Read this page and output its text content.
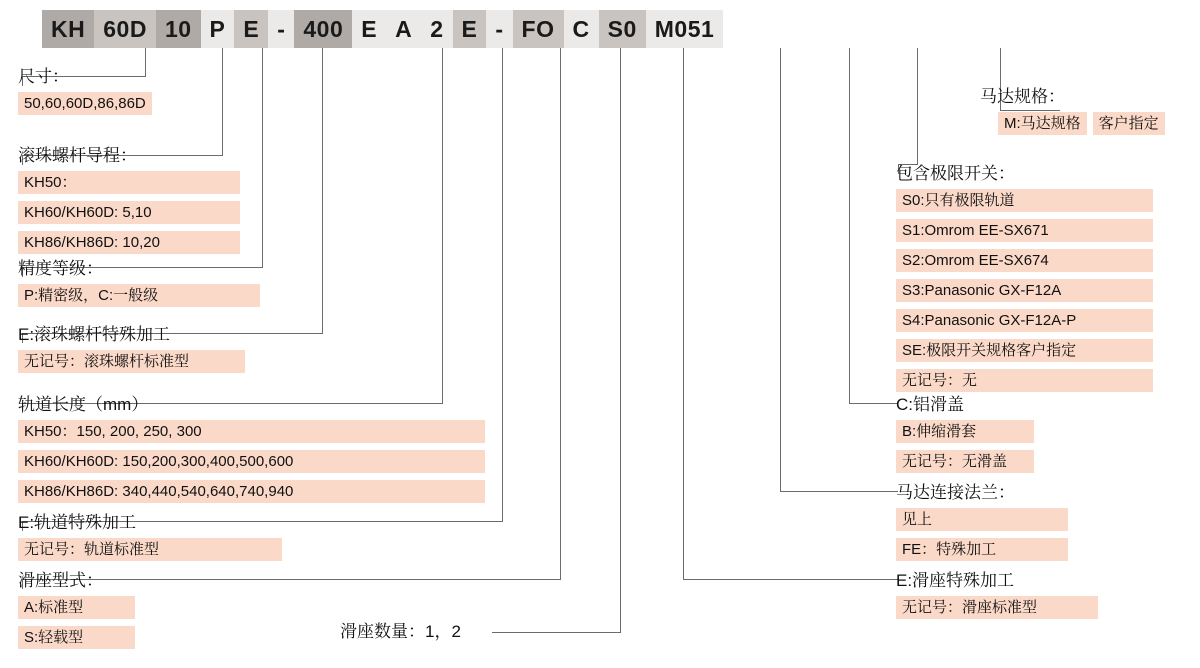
KH 60D 10 P E - 400 E A 2 E - FO C S0 M051
尺寸：
50,60,60D,86,86D
滚珠螺杆导程：
KH50：
KH60/KH60D: 5,10
KH86/KH86D: 10,20
精度等级：
P:精密级，C:一般级
E:滚珠螺杆特殊加工
无记号：滚珠螺杆标准型
轨道长度（mm）
KH50：150, 200, 250, 300
KH60/KH60D: 150,200,300,400,500,600
KH86/KH86D: 340,440,540,640,740,940
E:轨道特殊加工
无记号：轨道标准型
滑座型式：
A:标准型
S:轻载型	滑座数量：1，2
马达规格：
M:马达规格	客户指定
包含极限开关：
S0:只有极限轨道
S1:Omrom EE-SX671
S2:Omrom EE-SX674
S3:Panasonic GX-F12A
S4:Panasonic GX-F12A-P
SE:极限开关规格客户指定
无记号：无
C:铝滑盖
B:伸缩滑套
无记号：无滑盖
马达连接法兰：
见上
FE：特殊加工
E:滑座特殊加工
无记号：滑座标准型
